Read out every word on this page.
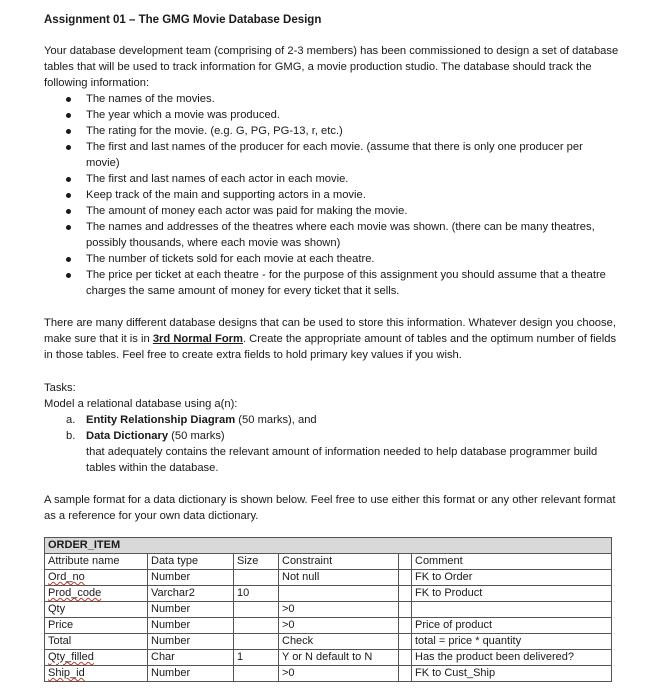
Assignment 01 – The GMG Movie Database Design

Your database development team (comprising of 2-3 members) has been commissioned to design a set of database tables that will be used to track information for GMG, a movie production studio. The database should track the following information:

The names of the movies.
The year which a movie was produced.
The rating for the movie. (e.g. G, PG, PG-13, r, etc.)
The first and last names of the producer for each movie. (assume that there is only one producer per movie)
The first and last names of each actor in each movie.
Keep track of the main and supporting actors in a movie.
The amount of money each actor was paid for making the movie.
The names and addresses of the theatres where each movie was shown. (there can be many theatres, possibly thousands, where each movie was shown)
The number of tickets sold for each movie at each theatre.
The price per ticket at each theatre - for the purpose of this assignment you should assume that a theatre charges the same amount of money for every ticket that it sells.

There are many different database designs that can be used to store this information. Whatever design you choose, make sure that it is in 3rd Normal Form. Create the appropriate amount of tables and the optimum number of fields in those tables. Feel free to create extra fields to hold primary key values if you wish.

Tasks:

Model a relational database using a(n):

a. Entity Relationship Diagram (50 marks), and
b. Data Dictionary (50 marks)
that adequately contains the relevant amount of information needed to help database programmer build tables within the database.

A sample format for a data dictionary is shown below. Feel free to use either this format or any other relevant format as a reference for your own data dictionary.

ORDER_ITEM					
Attribute name	Data type	Size	Constraint		Comment
Ord_no	Number		Not null		FK to Order
Prod_code	Varchar2	10			FK to Product
Qty	Number		>0		
Price	Number		>0		Price of product
Total	Number		Check		total = price * quantity
Qty_filled	Char	1	Y or N default to N		Has the product been delivered?
Ship_id	Number		>0		FK to Cust_Ship
